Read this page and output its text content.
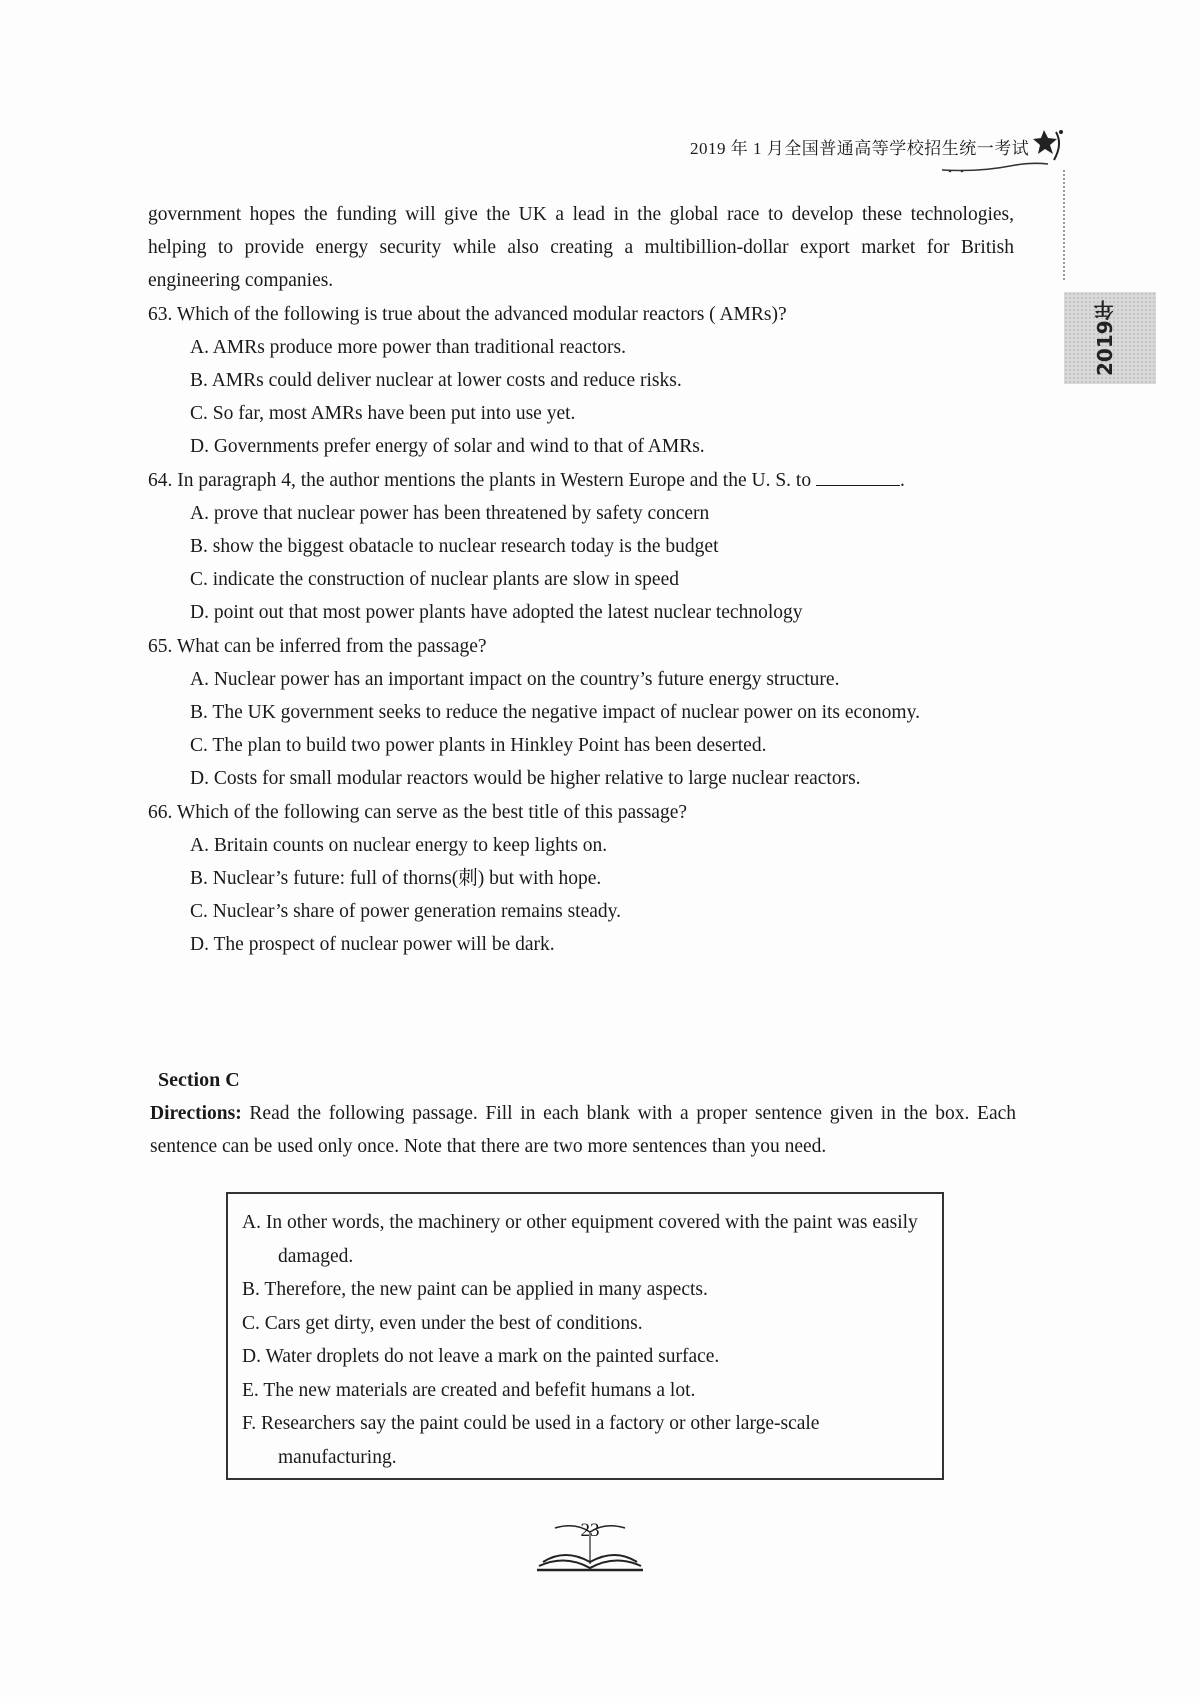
2019 年 1 月全国普通高等学校招生统一考试
2019年

government hopes the funding will give the UK a lead in the global race to develop these technologies, helping to provide energy security while also creating a multibillion-dollar export market for British engineering companies.

63. Which of the following is true about the advanced modular reactors ( AMRs)?

A. AMRs produce more power than traditional reactors.

B. AMRs could deliver nuclear at lower costs and reduce risks.

C. So far, most AMRs have been put into use yet.

D. Governments prefer energy of solar and wind to that of AMRs.

64. In paragraph 4, the author mentions the plants in Western Europe and the U. S. to	.

A. prove that nuclear power has been threatened by safety concern

B. show the biggest obatacle to nuclear research today is the budget

C. indicate the construction of nuclear plants are slow in speed

D. point out that most power plants have adopted the latest nuclear technology

65. What can be inferred from the passage?

A. Nuclear power has an important impact on the country’s future energy structure.

B. The UK government seeks to reduce the negative impact of nuclear power on its economy.

C. The plan to build two power plants in Hinkley Point has been deserted.

D. Costs for small modular reactors would be higher relative to large nuclear reactors.

66. Which of the following can serve as the best title of this passage?

A. Britain counts on nuclear energy to keep lights on.

B. Nuclear’s future: full of thorns(刺) but with hope.

C. Nuclear’s share of power generation remains steady.

D. The prospect of nuclear power will be dark.

Section C
Directions: Read the following passage. Fill in each blank with a proper sentence given in the box. Each sentence can be used only once. Note that there are two more sentences than you need.

A. In other words, the machinery or other equipment covered with the paint was easily damaged.

B. Therefore, the new paint can be applied in many aspects.

C. Cars get dirty, even under the best of conditions.

D. Water droplets do not leave a mark on the painted surface.

E. The new materials are created and befefit humans a lot.

F. Researchers say the paint could be used in a factory or other large-scale manufacturing.

23
